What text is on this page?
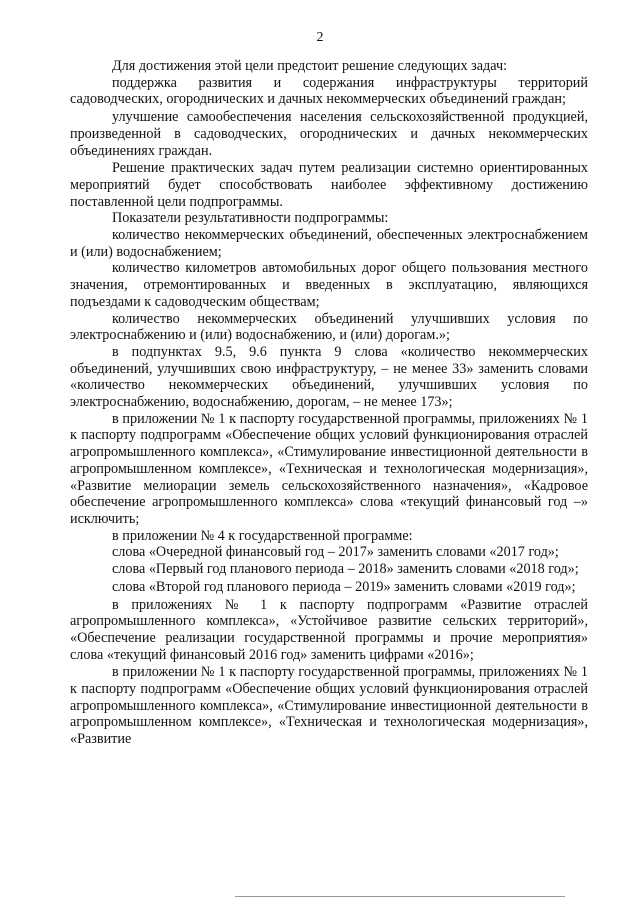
2

Для достижения этой цели предстоит решение следующих задач:

поддержка развития и содержания инфраструктуры территорий садоводческих, огороднических и дачных некоммерческих объединений граждан;

улучшение самообеспечения населения сельскохозяйственной продукцией, произведенной в садоводческих, огороднических и дачных некоммерческих объединениях граждан.

Решение практических задач путем реализации системно ориентированных мероприятий будет способствовать наиболее эффективному достижению поставленной цели подпрограммы.

Показатели результативности подпрограммы:

количество некоммерческих объединений, обеспеченных электроснабжением и (или) водоснабжением;

количество километров автомобильных дорог общего пользования местного значения, отремонтированных и введенных в эксплуатацию, являющихся подъездами к садоводческим обществам;

количество некоммерческих объединений улучшивших условия по электроснабжению и (или) водоснабжению, и (или) дорогам.»;

в подпунктах 9.5, 9.6 пункта 9 слова «количество некоммерческих объединений, улучшивших свою инфраструктуру, – не менее 33» заменить словами «количество некоммерческих объединений, улучшивших условия по электроснабжению, водоснабжению, дорогам, – не менее 173»;

в приложении № 1 к паспорту государственной программы, приложениях № 1 к паспорту подпрограмм «Обеспечение общих условий функционирования отраслей агропромышленного комплекса», «Стимулирование инвестиционной деятельности в агропромышленном комплексе», «Техническая и технологическая модернизация», «Развитие мелиорации земель сельскохозяйственного назначения», «Кадровое обеспечение агропромышленного комплекса» слова «текущий финансовый год –» исключить;

в приложении № 4 к государственной программе:

слова «Очередной финансовый год – 2017» заменить словами «2017 год»;

слова «Первый год планового периода – 2018» заменить словами «2018 год»;

слова «Второй год планового периода – 2019» заменить словами «2019 год»;

в приложениях № 1 к паспорту подпрограмм «Развитие отраслей агропромышленного комплекса», «Устойчивое развитие сельских территорий», «Обеспечение реализации государственной программы и прочие мероприятия» слова «текущий финансовый 2016 год» заменить цифрами «2016»;

в приложении № 1 к паспорту государственной программы, приложениях № 1 к паспорту подпрограмм «Обеспечение общих условий функционирования отраслей агропромышленного комплекса», «Стимулирование инвестиционной деятельности в агропромышленном комплексе», «Техническая и технологическая модернизация», «Развитие
